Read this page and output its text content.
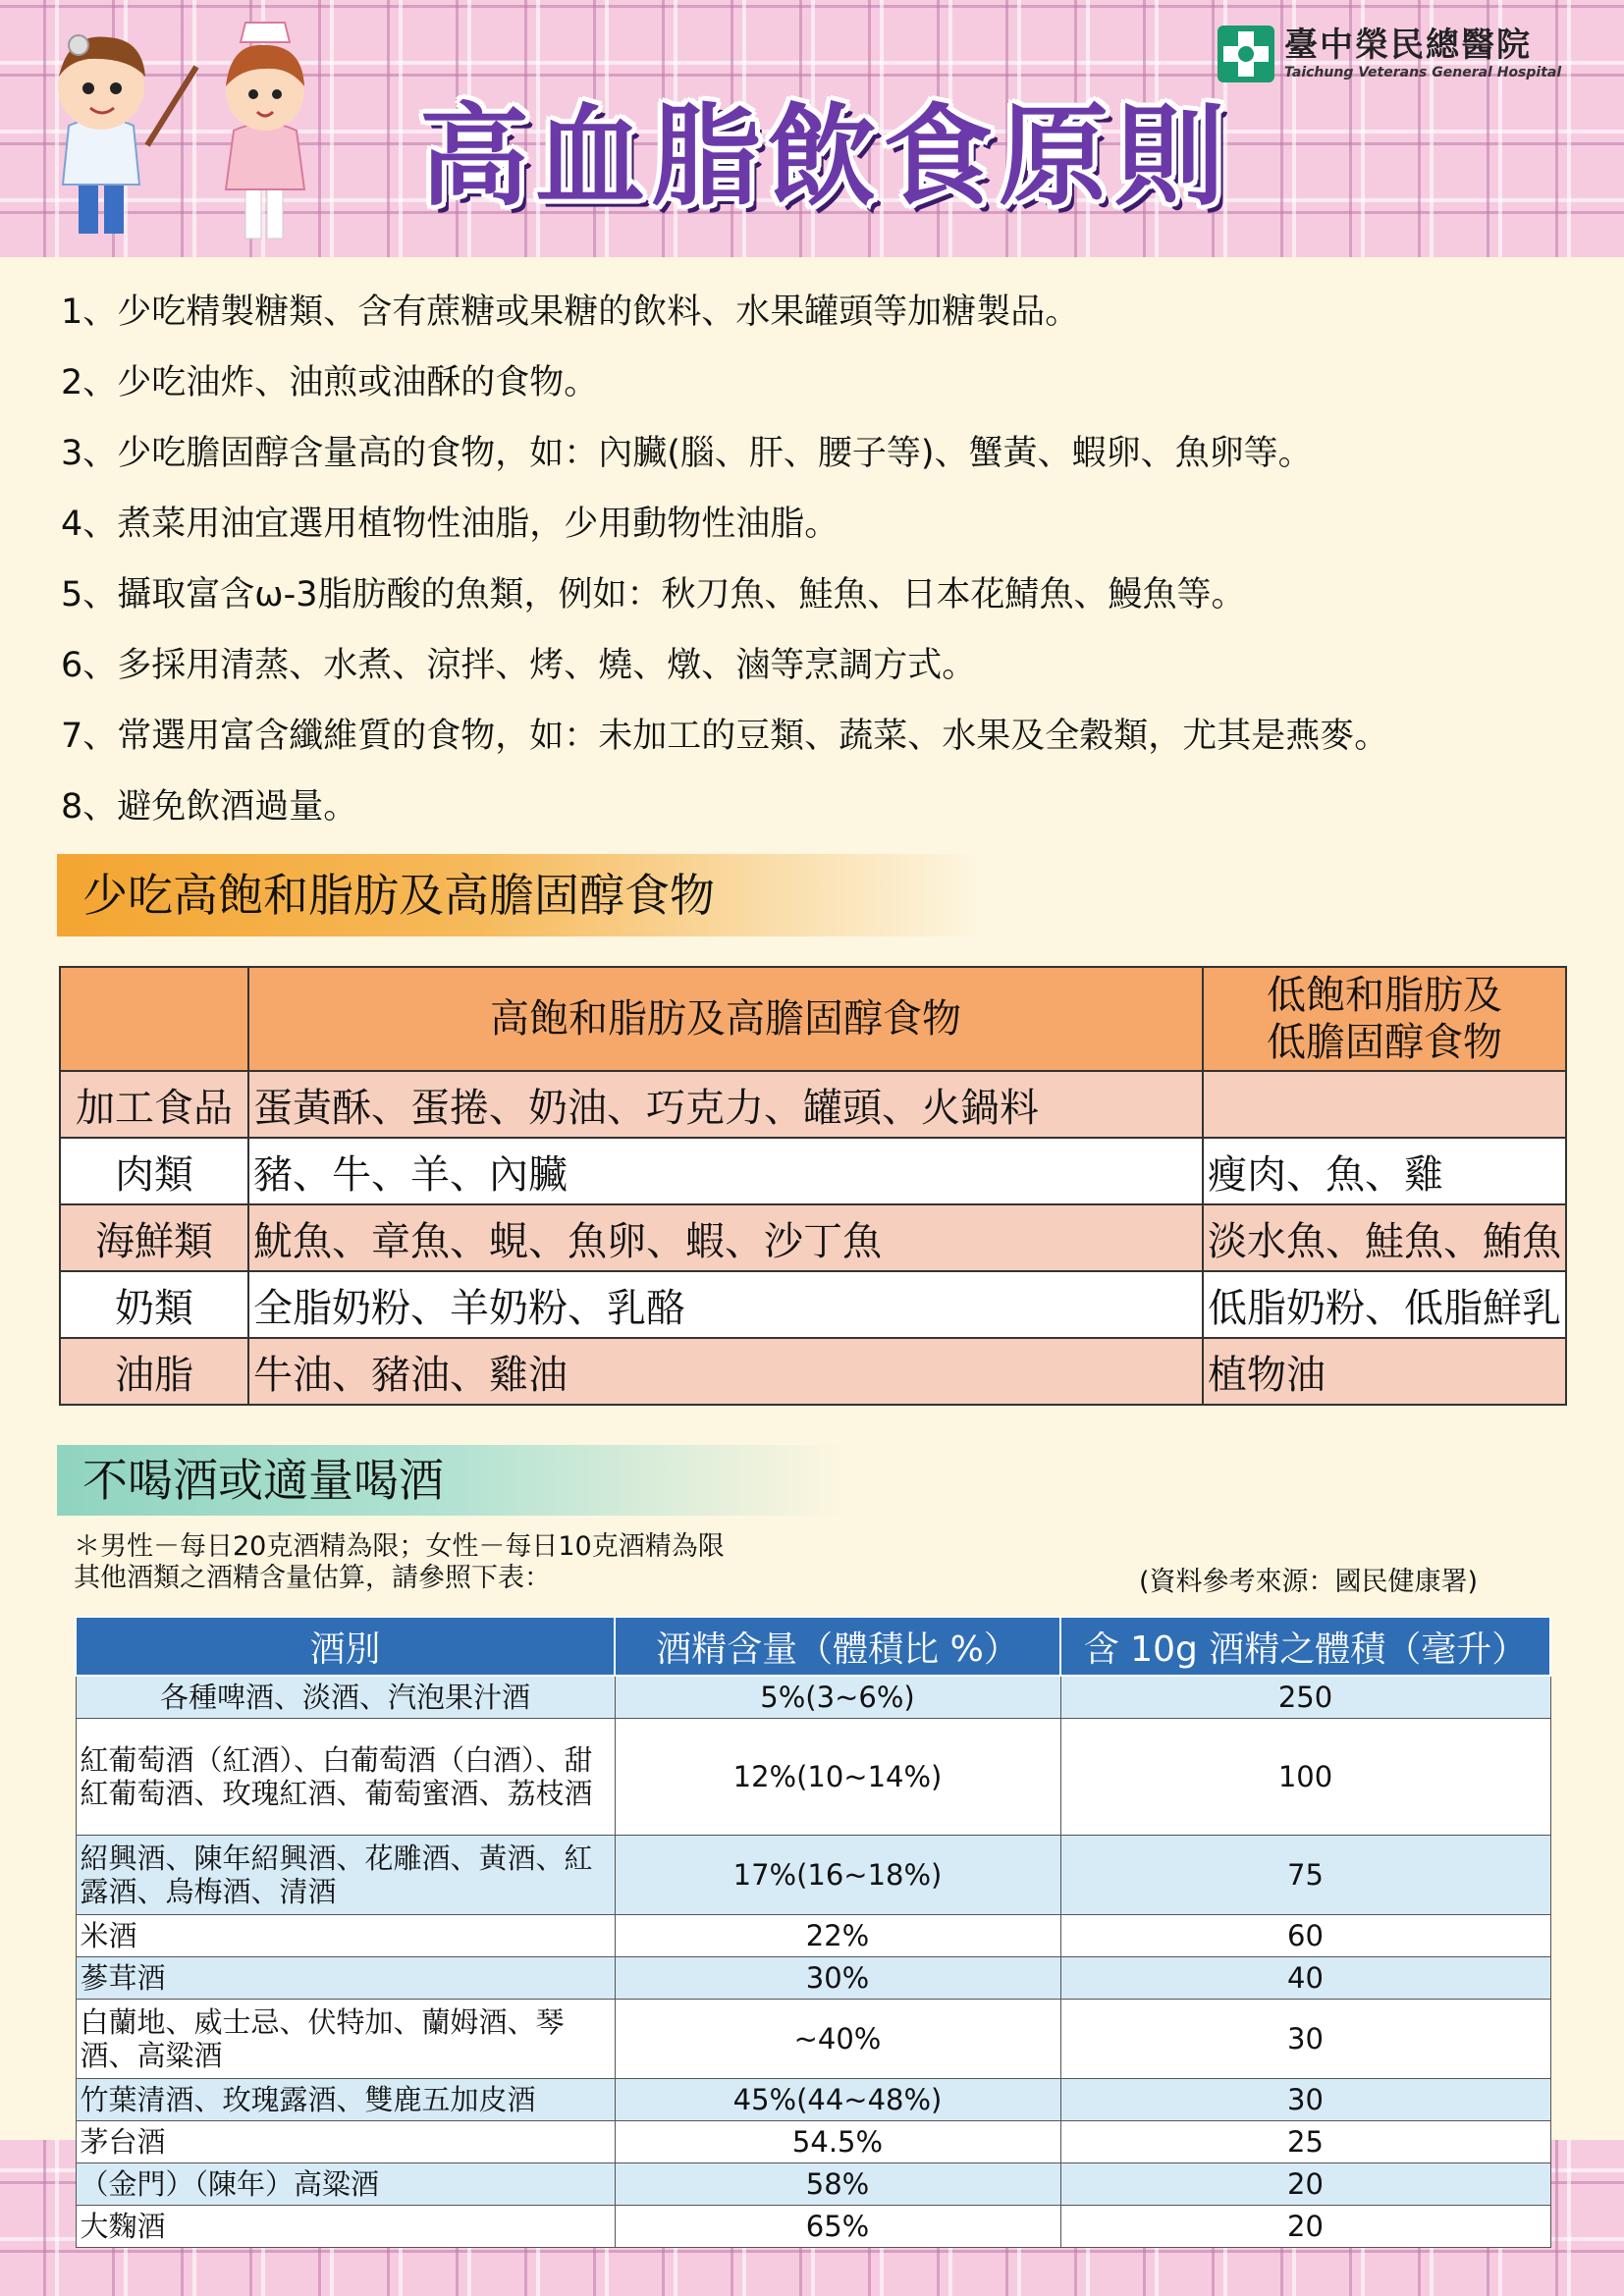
臺中榮民總醫院
Taichung Veterans General Hospital
高血脂飲食原則
1、少吃精製糖類、含有蔗糖或果糖的飲料、水果罐頭等加糖製品。
2、少吃油炸、油煎或油酥的食物。
3、少吃膽固醇含量高的食物，如：內臟(腦、肝、腰子等)、蟹黃、蝦卵、魚卵等。
4、煮菜用油宜選用植物性油脂，少用動物性油脂。
5、攝取富含ω-3脂肪酸的魚類，例如：秋刀魚、鮭魚、日本花鯖魚、鰻魚等。
6、多採用清蒸、水煮、涼拌、烤、燒、燉、滷等烹調方式。
7、常選用富含纖維質的食物，如：未加工的豆類、蔬菜、水果及全穀類，尤其是燕麥。
8、避免飲酒過量。
少吃高飽和脂肪及高膽固醇食物
	高飽和脂肪及高膽固醇食物	低飽和脂肪及
低膽固醇食物

加工食品	蛋黃酥、蛋捲、奶油、巧克力、罐頭、火鍋料	
肉類	豬、牛、羊、內臟	瘦肉、魚、雞
海鮮類	魷魚、章魚、蜆、魚卵、蝦、沙丁魚	淡水魚、鮭魚、鮪魚
奶類	全脂奶粉、羊奶粉、乳酪	低脂奶粉、低脂鮮乳
油脂	牛油、豬油、雞油	植物油
不喝酒或適量喝酒
＊男性－每日20克酒精為限；女性－每日10克酒精為限
其他酒類之酒精含量估算，請參照下表：	(資料參考來源：國民健康署)
酒別	酒精含量（體積比 %）	含 10g 酒精之體積（毫升）
各種啤酒、淡酒、汽泡果汁酒	5%(3~6%)	250
紅葡萄酒（紅酒）、白葡萄酒（白酒）、甜紅葡萄酒、玫瑰紅酒、葡萄蜜酒、荔枝酒	12%(10~14%)	100
紹興酒、陳年紹興酒、花雕酒、黃酒、紅露酒、烏梅酒、清酒	17%(16~18%)	75
米酒	22%	60
蔘茸酒	30%	40
白蘭地、威士忌、伏特加、蘭姆酒、琴酒、高粱酒	~40%	30
竹葉清酒、玫瑰露酒、雙鹿五加皮酒	45%(44~48%)	30
茅台酒	54.5%	25
（金門）（陳年）高粱酒	58%	20
大麴酒	65%	20
